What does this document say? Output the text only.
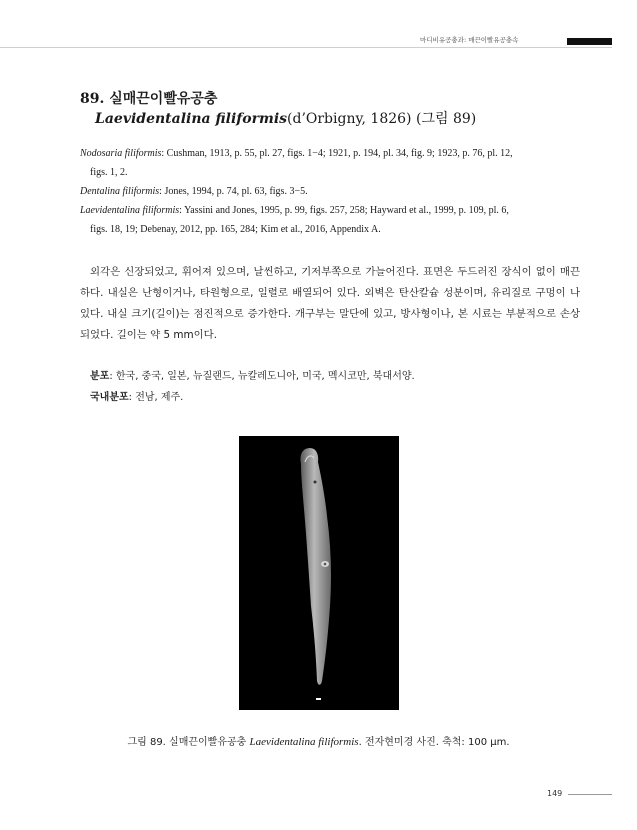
마디비유공충과: 매끈이빨유공충속
89. 실매끈이빨유공충
Laevidentalina filiformis(d’Orbigny, 1826) (그림 89)
Nodosaria filiformis: Cushman, 1913, p. 55, pl. 27, figs. 1−4; 1921, p. 194, pl. 34, fig. 9; 1923, p. 76, pl. 12,
figs. 1, 2.
Dentalina filiformis: Jones, 1994, p. 74, pl. 63, figs. 3−5.
Laevidentalina filiformis: Yassini and Jones, 1995, p. 99, figs. 257, 258; Hayward et al., 1999, p. 109, pl. 6,
figs. 18, 19; Debenay, 2012, pp. 165, 284; Kim et al., 2016, Appendix A.
외각은 신장되었고, 휘어져 있으며, 날씬하고, 기저부쪽으로 가늘어진다. 표면은 두드러진 장식이 없이 매끈하다. 내실은 난형이거나, 타원형으로, 일렬로 배열되어 있다. 외벽은 탄산칼슘 성분이며, 유리질로 구멍이 나 있다. 내실 크기(길이)는 점진적으로 증가한다. 개구부는 말단에 있고, 방사형이나, 본 시료는 부분적으로 손상되었다. 길이는 약 5 mm이다.
분포: 한국, 중국, 일본, 뉴질랜드, 뉴칼레도니아, 미국, 멕시코만, 북대서양.
국내분포: 전남, 제주.
그림 89. 실매끈이빨유공충 Laevidentalina filiformis. 전자현미경 사진. 축척: 100 µm.
149
